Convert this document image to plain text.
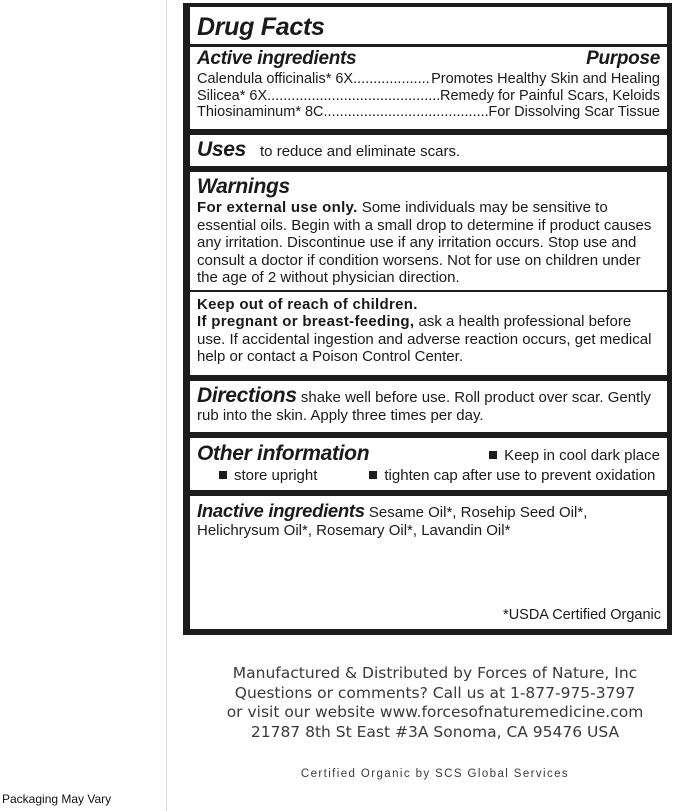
Drug Facts
Active ingredients	Purpose
Calendula officinalis* 6X .....	Promotes Healthy Skin and Healing
Silicea* 6X .....	Remedy for Painful Scars, Keloids
Thiosinaminum* 8C .....	For Dissolving Scar Tissue
Uses to reduce and eliminate scars.
Warnings
For external use only. Some individuals may be sensitive to essential oils. Begin with a small drop to determine if product causes any irritation. Discontinue use if any irritation occurs. Stop use and consult a doctor if condition worsens. Not for use on children under the age of 2 without physician direction.
Keep out of reach of children.
If pregnant or breast-feeding, ask a health professional before use. If accidental ingestion and adverse reaction occurs, get medical help or contact a Poison Control Center.
Directions shake well before use. Roll product over scar. Gently rub into the skin. Apply three times per day.
Other information	Keep in cool dark place
store upright	tighten cap after use to prevent oxidation
Inactive ingredients Sesame Oil*, Rosehip Seed Oil*, Helichrysum Oil*, Rosemary Oil*, Lavandin Oil*
*USDA Certified Organic
Manufactured & Distributed by Forces of Nature, Inc
Questions or comments? Call us at 1-877-975-3797
or visit our website www.forcesofnaturemedicine.com
21787 8th St East #3A Sonoma, CA 95476 USA
Certified Organic by SCS Global Services
Packaging May Vary
